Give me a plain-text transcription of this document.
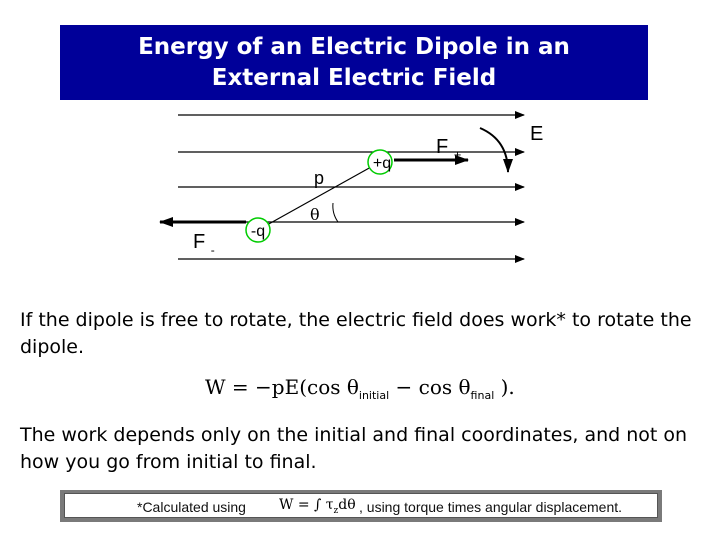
Energy of an Electric Dipole in an
External Electric Field
E
θ
F $_-$
-q
+q
p
F $_+$

If the dipole is free to rotate, the electric field does work* to rotate the dipole.

W = −pE(cos $\theta_{initial} - \cos \theta_{final}$ ).

The work depends only on the initial and final coordinates, and not on how you go from initial to final.

*Calculated using W = ∫ $\tau_zd\theta$ , using torque times angular displacement.
